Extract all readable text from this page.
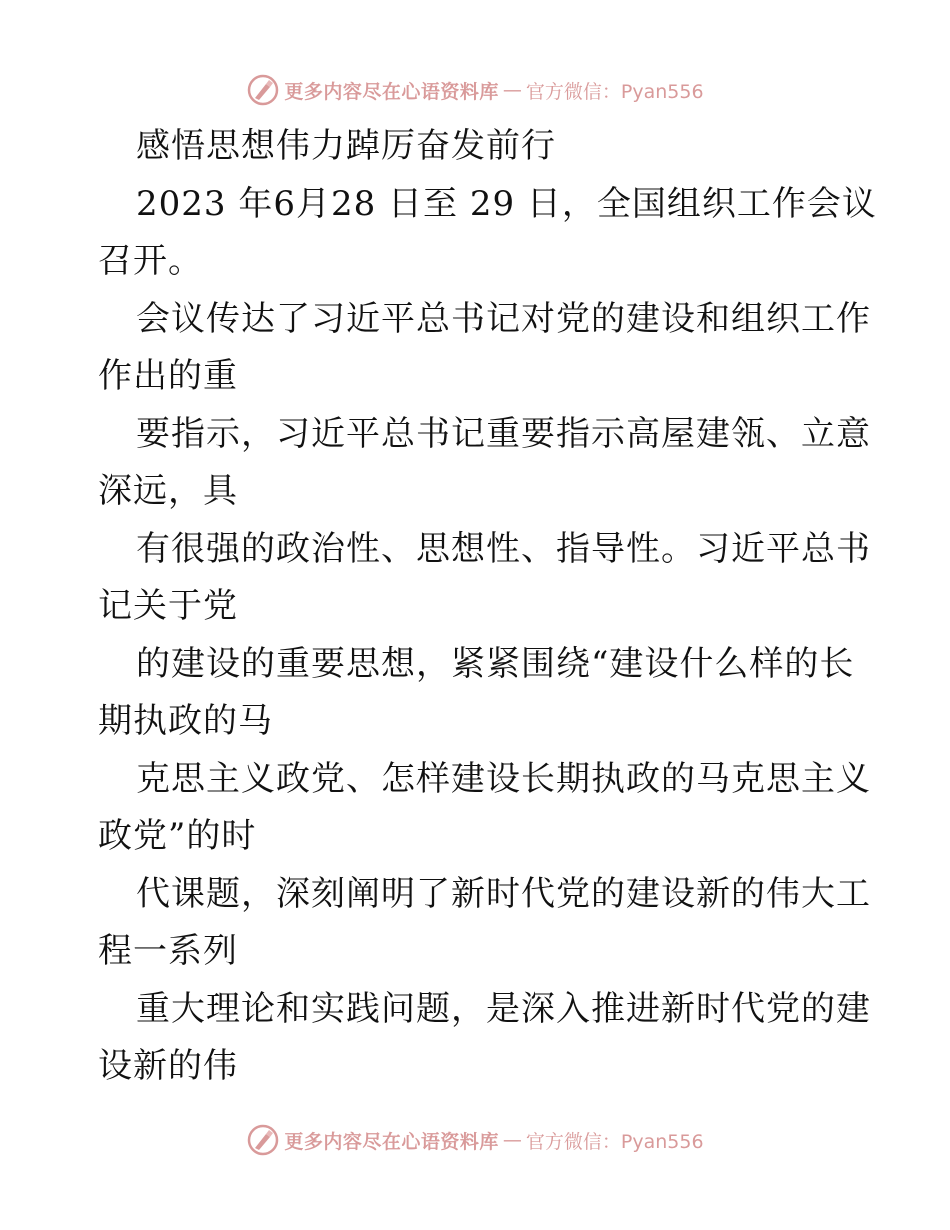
更多内容尽在心语资料库 — 官方微信：Pyan556
感悟思想伟力踔厉奋发前行
2023 年6月28 日至 29 日，全国组织工作会议
召开。
会议传达了习近平总书记对党的建设和组织工作
作出的重
要指示，习近平总书记重要指示高屋建瓴、立意
深远，具
有很强的政治性、思想性、指导性。习近平总书
记关于党
的建设的重要思想，紧紧围绕“建设什么样的长
期执政的马
克思主义政党、怎样建设长期执政的马克思主义
政党”的时
代课题，深刻阐明了新时代党的建设新的伟大工
程一系列
重大理论和实践问题，是深入推进新时代党的建
设新的伟
更多内容尽在心语资料库 — 官方微信：Pyan556
